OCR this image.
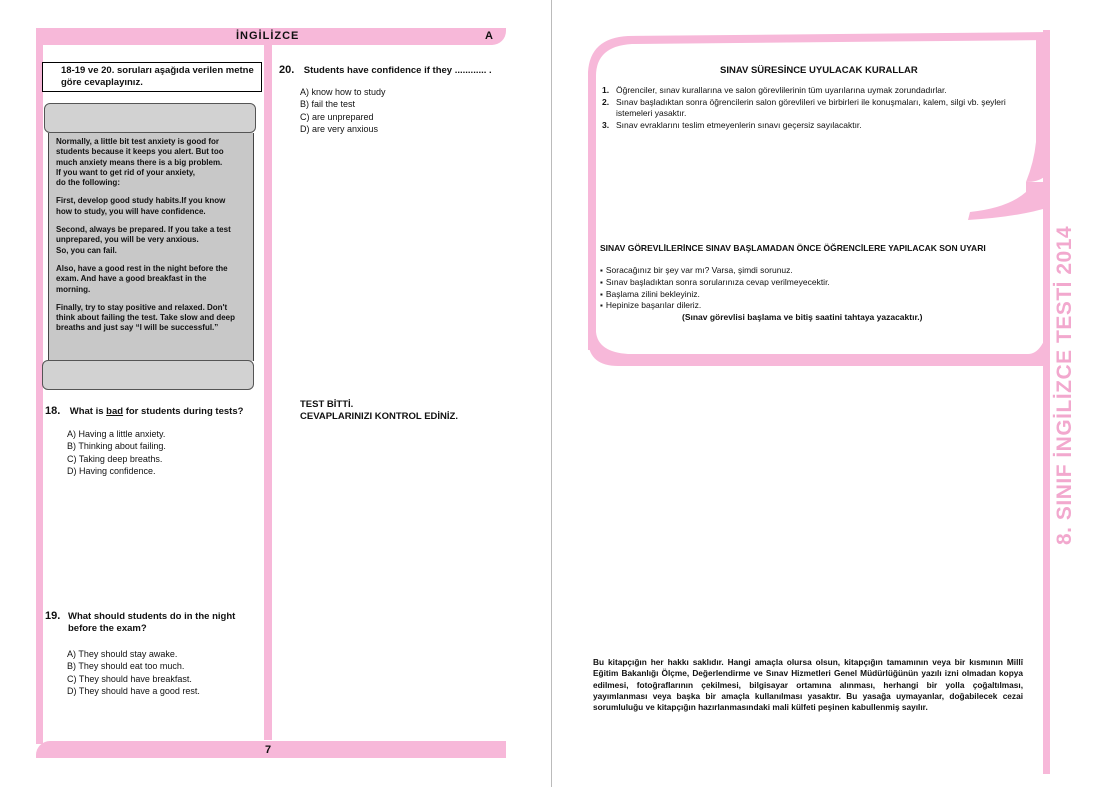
İNGİLİZCE	A
7
18-19 ve 20. soruları aşağıda verilen metne göre cevaplayınız.

Normally, a little bit test anxiety is good for
students because it keeps you alert. But too
much anxiety means there is a big problem.
If you want to get rid of your anxiety,
do the following:

First, develop good study habits.If you know
how to study, you will have confidence.

Second, always be prepared. If you take a test
unprepared, you will be very anxious.
So, you can fail.

Also, have a good rest in the night before the
exam. And have a good breakfast in the
morning.

Finally, try to stay positive and relaxed. Don't
think about failing the test. Take slow and deep
breaths and just say “I will be successful.”

18. What is bad for students during tests?
A) Having a little anxiety.
B) Thinking about failing.
C) Taking deep breaths.
D) Having confidence.
19. What should students do in the night before the exam?
A) They should stay awake.
B) They should eat too much.
C) They should have breakfast.
D) They should have a good rest.
20. Students have confidence if they ............ .
A) know how to study
B) fail the test
C) are unprepared
D) are very anxious
TEST BİTTİ.
CEVAPLARINIZI KONTROL EDİNİZ.
SINAV SÜRESİNCE UYULACAK KURALLAR
1. Öğrenciler, sınav kurallarına ve salon görevlilerinin tüm uyarılarına uymak zorundadırlar.
2. Sınav başladıktan sonra öğrencilerin salon görevlileri ve birbirleri ile konuşmaları, kalem, silgi vb. şeyleri istemeleri yasaktır.
3. Sınav evraklarını teslim etmeyenlerin sınavı geçersiz sayılacaktır.
SINAV GÖREVLİLERİNCE SINAV BAŞLAMADAN ÖNCE ÖĞRENCİLERE YAPILACAK SON UYARI
▪ Soracağınız bir şey var mı? Varsa, şimdi sorunuz.
▪ Sınav başladıktan sonra sorularınıza cevap verilmeyecektir.
▪ Başlama zilini bekleyiniz.
▪ Hepinize başarılar dileriz.
(Sınav görevlisi başlama ve bitiş saatini tahtaya yazacaktır.)	8. SINIF İNGİLİZCE TESTİ 2014
Bu kitapçığın her hakkı saklıdır. Hangi amaçla olursa olsun, kitapçığın tamamının veya bir kısmının Millî Eğitim Bakanlığı Ölçme, Değerlendirme ve Sınav Hizmetleri Genel Müdürlüğünün yazılı izni olmadan kopya edilmesi, fotoğraflarının çekilmesi, bilgisayar ortamına alınması, herhangi bir yolla çoğaltılması, yayımlanması veya başka bir amaçla kullanılması yasaktır. Bu yasağa uymayanlar, doğabilecek cezai sorumluluğu ve kitapçığın hazırlanmasındaki mali külfeti peşinen kabullenmiş sayılır.
